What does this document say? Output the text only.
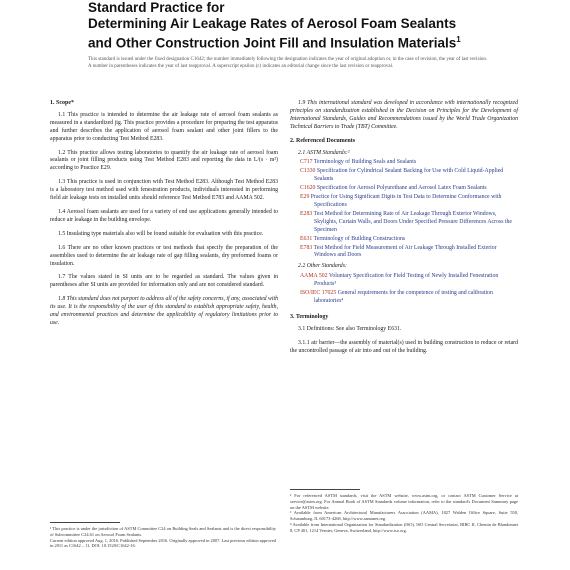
Standard Practice for
Determining Air Leakage Rates of Aerosol Foam Sealants
and Other Construction Joint Fill and Insulation Materials$^1$
This standard is issued under the fixed designation C1642; the number immediately following the designation indicates the year of original adoption or, in the case of revision, the year of last revision. A number in parentheses indicates the year of last reapproval. A superscript epsilon (ε) indicates an editorial change since the last revision or reapproval.
1. Scope*

1.1 This practice is intended to determine the air leakage rate of aerosol foam sealants as measured in a standardized jig. This practice provides a procedure for preparing the test apparatus and further describes the application of aerosol foam sealant and other joint fillers to the apparatus prior to conducting Test Method E283.

1.2 This practice allows testing laboratories to quantify the air leakage rate of aerosol foam sealants or joint filling products using Test Method E283 and reporting the data in L/(s · m²) according to Practice E29.

1.3 This practice is used in conjunction with Test Method E283. Although Test Method E283 is a laboratory test method used with fenestration products, individuals interested in performing field air leakage tests on installed units should reference Test Method E783 and AAMA 502.

1.4 Aerosol foam sealants are used for a variety of end use applications generally intended to reduce air leakage in the building envelope.

1.5 Insulating type materials also will be found suitable for evaluation with this practice.

1.6 There are no other known practices or test methods that specify the preparation of the assemblies used to determine the air leakage rate of gap filling sealants, dry preformed foams or insulation.

1.7 The values stated in SI units are to be regarded as standard. The values given in parentheses after SI units are provided for information only and are not considered standard.

1.8 This standard does not purport to address all of the safety concerns, if any, associated with its use. It is the responsibility of the user of this standard to establish appropriate safety, health, and environmental practices and determine the applicability of regulatory limitations prior to use.

¹ This practice is under the jurisdiction of ASTM Committee C24 on Building Seals and Sealants and is the direct responsibility of Subcommittee C24.61 on Aerosol Foam Sealants.
Current edition approved Aug. 1, 2016. Published September 2016. Originally approved in 2007. Last previous edition approved in 2011 as C1642 – 11. DOI: 10.1520/C1642-16.

1.9 This international standard was developed in accordance with internationally recognized principles on standardization established in the Decision on Principles for the Development of International Standards, Guides and Recommendations issued by the World Trade Organization Technical Barriers to Trade (TBT) Committee.

2. Referenced Documents
2.1 ASTM Standards:²
C717 Terminology of Building Seals and Sealants
C1330 Specification for Cylindrical Sealant Backing for Use with Cold Liquid-Applied Sealants
C1620 Specification for Aerosol Polyurethane and Aerosol Latex Foam Sealants
E29 Practice for Using Significant Digits in Test Data to Determine Conformance with Specifications
E283 Test Method for Determining Rate of Air Leakage Through Exterior Windows, Skylights, Curtain Walls, and Doors Under Specified Pressure Differences Across the Specimen
E631 Terminology of Building Constructions
E783 Test Method for Field Measurement of Air Leakage Through Installed Exterior Windows and Doors
2.2 Other Standards:
AAMA 502 Voluntary Specification for Field Testing of Newly Installed Fenestration Products³
ISO/IEC 17025 General requirements for the competence of testing and calibration laboratories⁴
3. Terminology

3.1 Definitions: See also Terminology E631.

3.1.1 air barrier—the assembly of material(s) used in building construction to reduce or retard the uncontrolled passage of air into and out of the building.

² For referenced ASTM standards, visit the ASTM website, www.astm.org, or contact ASTM Customer Service at service@astm.org. For Annual Book of ASTM Standards volume information, refer to the standard's Document Summary page on the ASTM website.
³ Available from American Architectural Manufacturers Association (AAMA), 1827 Walden Office Square, Suite 550, Schaumburg, IL 60173-4268, http://www.aamanet.org.
⁴ Available from International Organization for Standardization (ISO), ISO Central Secretariat, BIBC II, Chemin de Blandonnet 8, CP 401, 1214 Vernier, Geneva, Switzerland, http://www.iso.org.
